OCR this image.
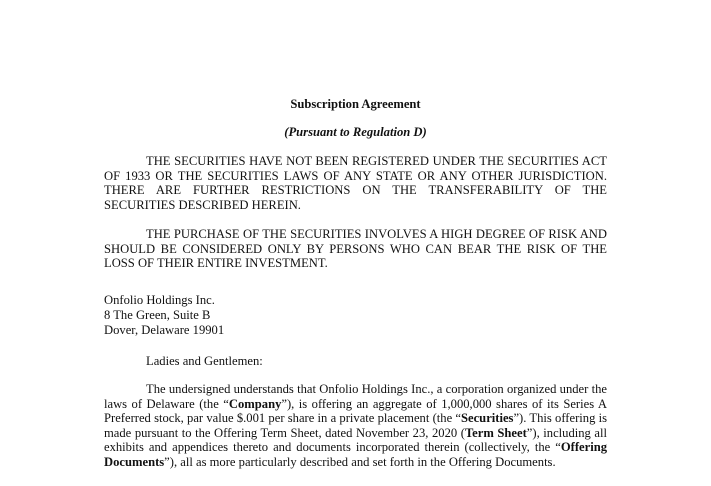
Subscription Agreement
(Pursuant to Regulation D)
THE SECURITIES HAVE NOT BEEN REGISTERED UNDER THE SECURITIES ACT OF 1933 OR THE SECURITIES LAWS OF ANY STATE OR ANY OTHER JURISDICTION. THERE ARE FURTHER RESTRICTIONS ON THE TRANSFERABILITY OF THE SECURITIES DESCRIBED HEREIN.
THE PURCHASE OF THE SECURITIES INVOLVES A HIGH DEGREE OF RISK AND SHOULD BE CONSIDERED ONLY BY PERSONS WHO CAN BEAR THE RISK OF THE LOSS OF THEIR ENTIRE INVESTMENT.
Onfolio Holdings Inc.
8 The Green, Suite B
Dover, Delaware 19901
Ladies and Gentlemen:
The undersigned understands that Onfolio Holdings Inc., a corporation organized under the laws of Delaware (the “Company”), is offering an aggregate of 1,000,000 shares of its Series A Preferred stock, par value $.001 per share in a private placement (the “Securities”). This offering is made pursuant to the Offering Term Sheet, dated November 23, 2020 (Term Sheet”), including all exhibits and appendices thereto and documents incorporated therein (collectively, the “Offering Documents”), all as more particularly described and set forth in the Offering Documents.
